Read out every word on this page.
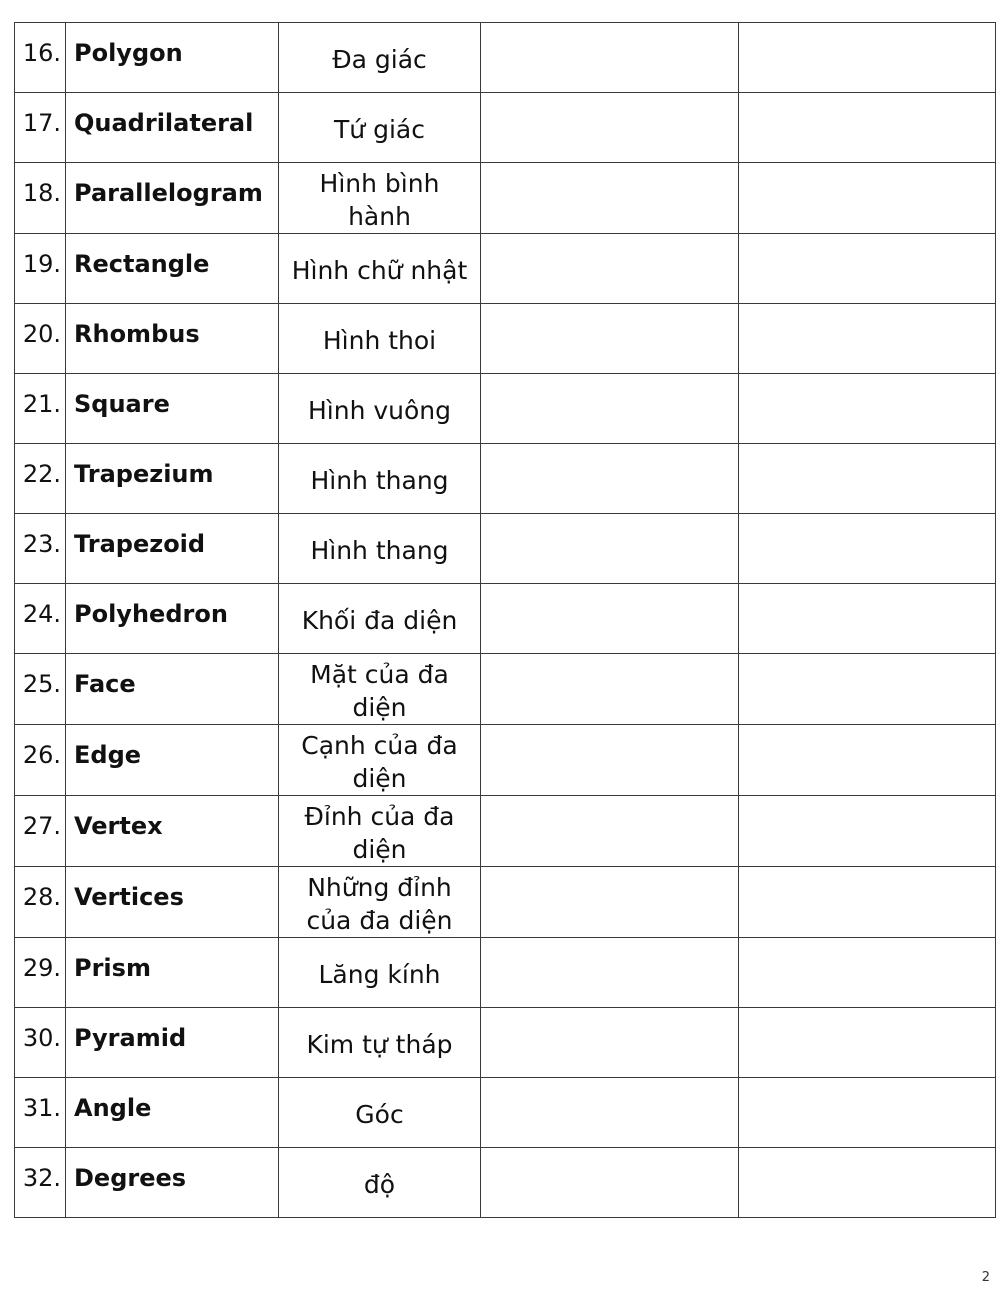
16.	Polygon	Đa giác		
17.	Quadrilateral	Tứ giác		
18.	Parallelogram	Hình bình hành		
19.	Rectangle	Hình chữ nhật		
20.	Rhombus	Hình thoi		
21.	Square	Hình vuông		
22.	Trapezium	Hình thang		
23.	Trapezoid	Hình thang		
24.	Polyhedron	Khối đa diện		
25.	Face	Mặt của đa diện		
26.	Edge	Cạnh của đa diện		
27.	Vertex	Đỉnh của đa diện		
28.	Vertices	Những đỉnh của đa diện		
29.	Prism	Lăng kính		
30.	Pyramid	Kim tự tháp		
31.	Angle	Góc		
32.	Degrees	độ		
2
